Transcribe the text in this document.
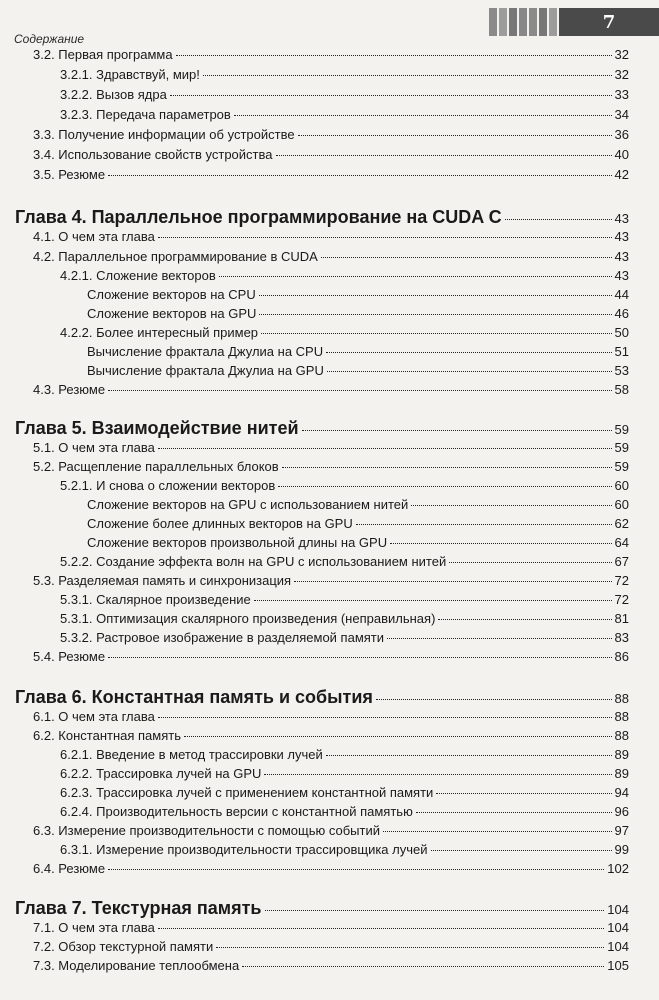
Содержание
7
3.2. Первая программа	32
3.2.1. Здравствуй, мир!	32
3.2.2. Вызов ядра	33
3.2.3. Передача параметров	34
3.3. Получение информации об устройстве	36
3.4. Использование свойств устройства	40
3.5. Резюме	42
Глава 4. Параллельное программирование на CUDA C	43
4.1. О чем эта глава	43
4.2. Параллельное программирование в CUDA	43
4.2.1. Сложение векторов	43
Сложение векторов на CPU	44
Сложение векторов на GPU	46
4.2.2. Более интересный пример	50
Вычисление фрактала Джулиа на CPU	51
Вычисление фрактала Джулиа на GPU	53
4.3. Резюме	58
Глава 5. Взаимодействие нитей	59
5.1. О чем эта глава	59
5.2. Расщепление параллельных блоков	59
5.2.1. И снова о сложении векторов	60
Сложение векторов на GPU с использованием нитей	60
Сложение более длинных векторов на GPU	62
Сложение векторов произвольной длины на GPU	64
5.2.2. Создание эффекта волн на GPU с использованием нитей	67
5.3. Разделяемая память и синхронизация	72
5.3.1. Скалярное произведение	72
5.3.1. Оптимизация скалярного произведения (неправильная)	81
5.3.2. Растровое изображение в разделяемой памяти	83
5.4. Резюме	86
Глава 6. Константная память и события	88
6.1. О чем эта глава	88
6.2. Константная память	88
6.2.1. Введение в метод трассировки лучей	89
6.2.2. Трассировка лучей на GPU	89
6.2.3. Трассировка лучей с применением константной памяти	94
6.2.4. Производительность версии с константной памятью	96
6.3. Измерение производительности с помощью событий	97
6.3.1. Измерение производительности трассировщика лучей	99
6.4. Резюме	102
Глава 7. Текстурная память	104
7.1. О чем эта глава	104
7.2. Обзор текстурной памяти	104
7.3. Моделирование теплообмена	105
